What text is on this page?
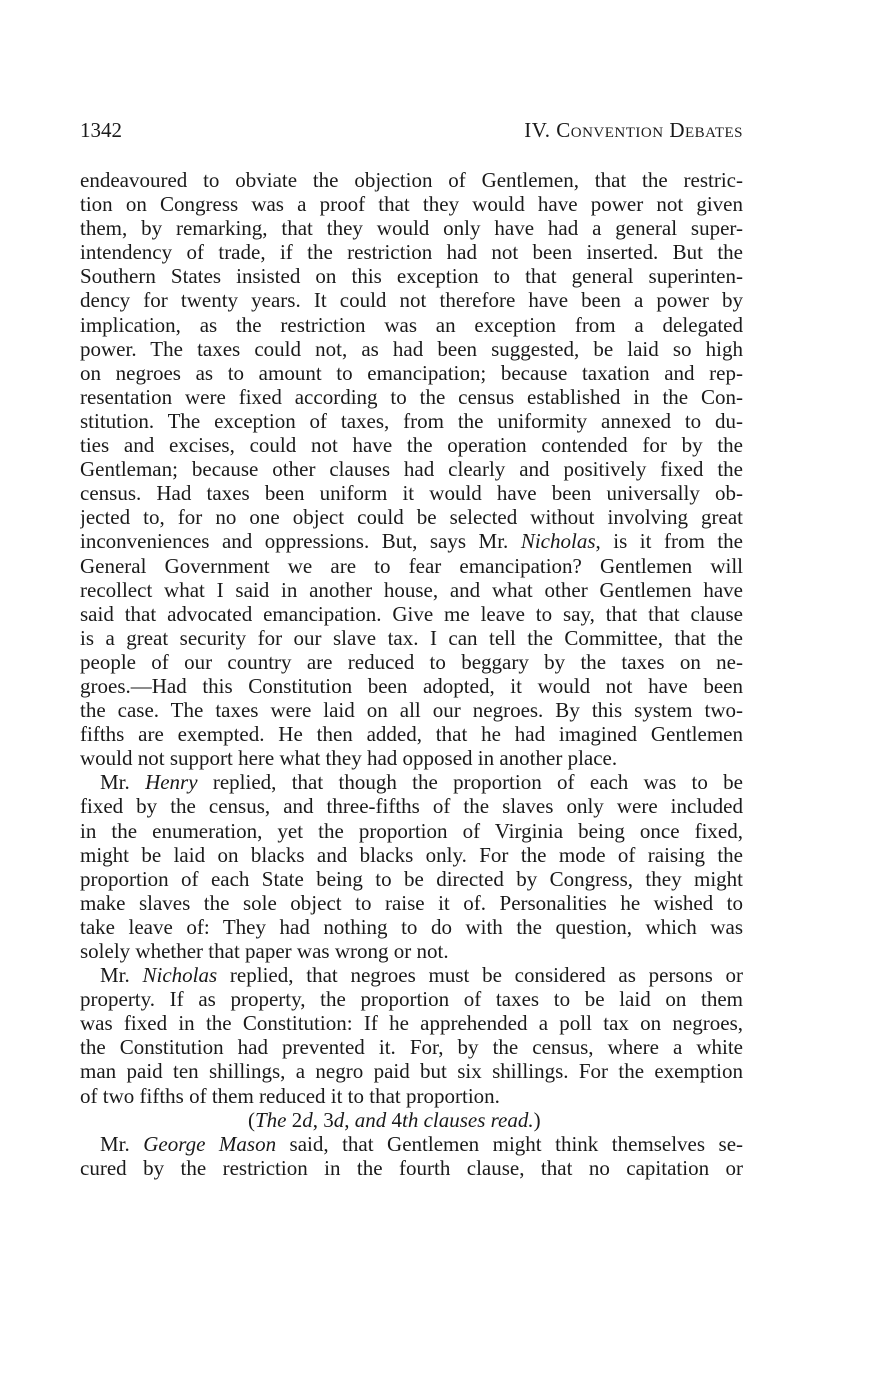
1342	IV. Convention Debates
endeavoured to obviate the objection of Gentlemen, that the restric-
tion on Congress was a proof that they would have power not given
them, by remarking, that they would only have had a general super-
intendency of trade, if the restriction had not been inserted. But the
Southern States insisted on this exception to that general superinten-
dency for twenty years. It could not therefore have been a power by
implication, as the restriction was an exception from a delegated
power. The taxes could not, as had been suggested, be laid so high
on negroes as to amount to emancipation; because taxation and rep-
resentation were fixed according to the census established in the Con-
stitution. The exception of taxes, from the uniformity annexed to du-
ties and excises, could not have the operation contended for by the
Gentleman; because other clauses had clearly and positively fixed the
census. Had taxes been uniform it would have been universally ob-
jected to, for no one object could be selected without involving great
inconveniences and oppressions. But, says Mr. Nicholas, is it from the
General Government we are to fear emancipation? Gentlemen will
recollect what I said in another house, and what other Gentlemen have
said that advocated emancipation. Give me leave to say, that that clause
is a great security for our slave tax. I can tell the Committee, that the
people of our country are reduced to beggary by the taxes on ne-
groes.—Had this Constitution been adopted, it would not have been
the case. The taxes were laid on all our negroes. By this system two-
fifths are exempted. He then added, that he had imagined Gentlemen
would not support here what they had opposed in another place.
Mr. Henry replied, that though the proportion of each was to be
fixed by the census, and three-fifths of the slaves only were included
in the enumeration, yet the proportion of Virginia being once fixed,
might be laid on blacks and blacks only. For the mode of raising the
proportion of each State being to be directed by Congress, they might
make slaves the sole object to raise it of. Personalities he wished to
take leave of: They had nothing to do with the question, which was
solely whether that paper was wrong or not.
Mr. Nicholas replied, that negroes must be considered as persons or
property. If as property, the proportion of taxes to be laid on them
was fixed in the Constitution: If he apprehended a poll tax on negroes,
the Constitution had prevented it. For, by the census, where a white
man paid ten shillings, a negro paid but six shillings. For the exemption
of two fifths of them reduced it to that proportion.
(The 2d, 3d, and 4th clauses read.)
Mr. George Mason said, that Gentlemen might think themselves se-
cured by the restriction in the fourth clause, that no capitation or
